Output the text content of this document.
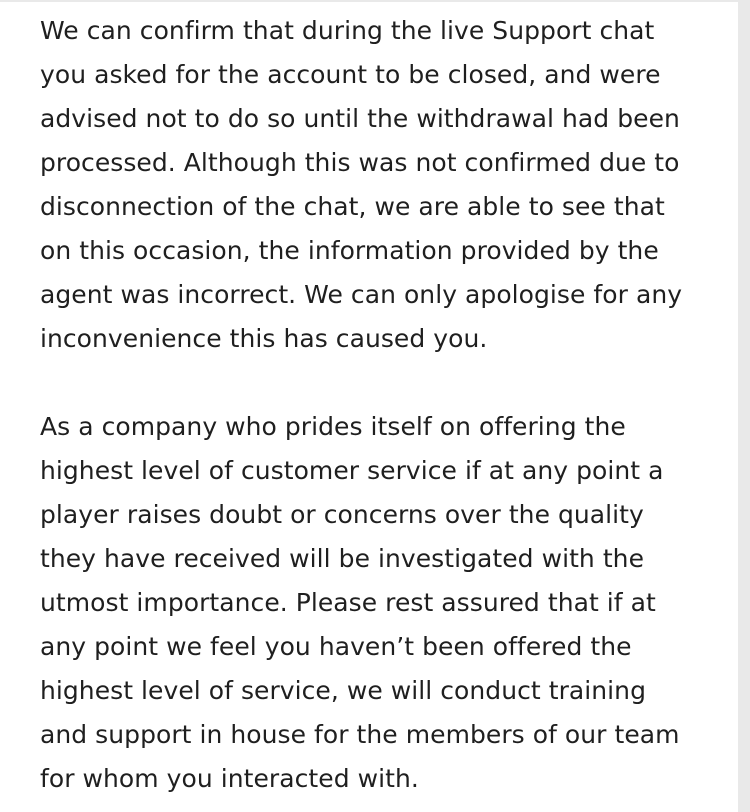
We can confirm that during the live Support chat
you asked for the account to be closed, and were
advised not to do so until the withdrawal had been
processed. Although this was not confirmed due to
disconnection of the chat, we are able to see that
on this occasion, the information provided by the
agent was incorrect. We can only apologise for any
inconvenience this has caused you.
As a company who prides itself on offering the
highest level of customer service if at any point a
player raises doubt or concerns over the quality
they have received will be investigated with the
utmost importance. Please rest assured that if at
any point we feel you haven’t been offered the
highest level of service, we will conduct training
and support in house for the members of our team
for whom you interacted with.
